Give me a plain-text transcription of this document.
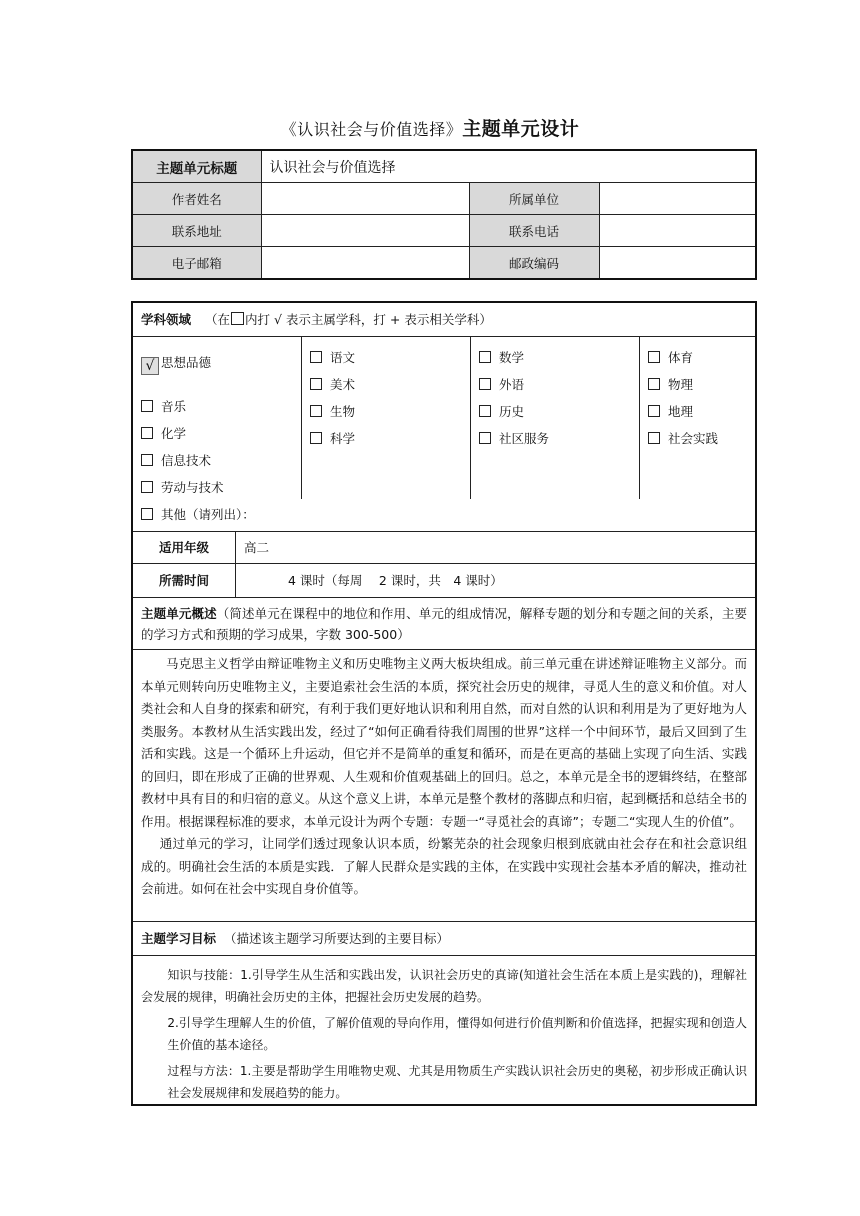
《认识社会与价值选择》主题单元设计
主题单元标题	认识社会与价值选择		
作者姓名		所属单位	
联系地址		联系电话	
电子邮箱		邮政编码	
学科领域 （在 内打 √ 表示主属学科，打 + 表示相关学科）
√ 思想品德
音乐
化学
信息技术
劳动与技术
语文
美术
生物
科学
数学
外语
历史
社区服务
体育
物理
地理
社会实践
其他（请列出）：
适用年级	高二
所需时间	4 课时（每周　 2 课时，共　4 课时）

主题单元概述（简述单元在课程中的地位和作用、单元的组成情况，解释专题的划分和专题之间的关系，主要的学习方式和预期的学习成果，字数 300-500）

马克思主义哲学由辩证唯物主义和历史唯物主义两大板块组成。前三单元重在讲述辩证唯物主义部分。而本单元则转向历史唯物主义，主要追索社会生活的本质，探究社会历史的规律，寻觅人生的意义和价值。对人类社会和人自身的探索和研究，有利于我们更好地认识和利用自然，而对自然的认识和利用是为了更好地为人类服务。本教材从生活实践出发，经过了“如何正确看待我们周围的世界”这样一个中间环节，最后又回到了生活和实践。这是一个循环上升运动，但它并不是简单的重复和循环，而是在更高的基础上实现了向生活、实践的回归，即在形成了正确的世界观、人生观和价值观基础上的回归。总之，本单元是全书的逻辑终结，在整部教材中具有目的和归宿的意义。从这个意义上讲，本单元是整个教材的落脚点和归宿，起到概括和总结全书的作用。根据课程标准的要求，本单元设计为两个专题：专题一“寻觅社会的真谛”；专题二“实现人生的价值”。

通过单元的学习，让同学们透过现象认识本质，纷繁芜杂的社会现象归根到底就由社会存在和社会意识组成的。明确社会生活的本质是实践．了解人民群众是实践的主体，在实践中实现社会基本矛盾的解决，推动社会前进。如何在社会中实现自身价值等。

主题学习目标 （描述该主题学习所要达到的主要目标）

知识与技能：1.引导学生从生活和实践出发，认识社会历史的真谛(知道社会生活在本质上是实践的)，理解社会发展的规律，明确社会历史的主体，把握社会历史发展的趋势。

2.引导学生理解人生的价值，了解价值观的导向作用，懂得如何进行价值判断和价值选择，把握实现和创造人生价值的基本途径。

过程与方法：1.主要是帮助学生用唯物史观、尤其是用物质生产实践认识社会历史的奥秘，初步形成正确认识社会发展规律和发展趋势的能力。
